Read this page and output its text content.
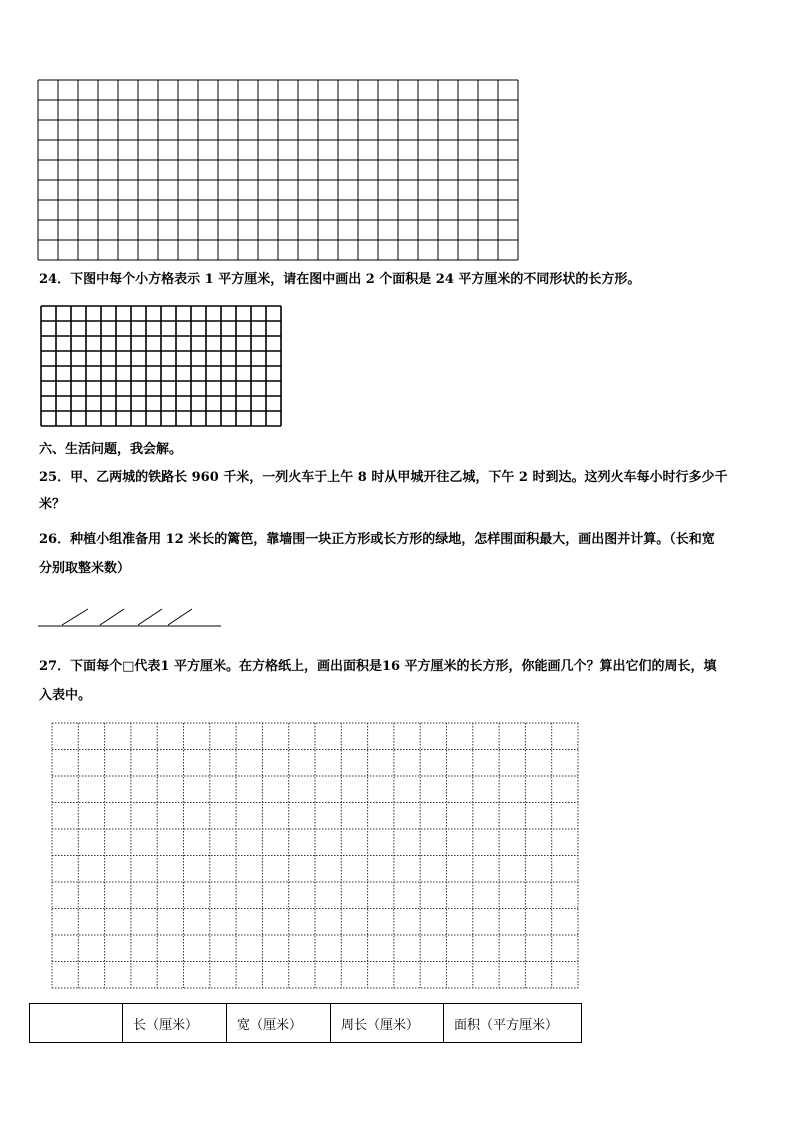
24．下图中每个小方格表示 1 平方厘米，请在图中画出 2 个面积是 24 平方厘米的不同形状的长方形。
六、生活问题，我会解。
25．甲、乙两城的铁路长 960 千米，一列火车于上午 8 时从甲城开往乙城，下午 2 时到达。这列火车每小时行多少千
米？
26．种植小组准备用 12 米长的篱笆，靠墙围一块正方形或长方形的绿地，怎样围面积最大，画出图并计算。（长和宽
分别取整米数）
27．下面每个□代表1 平方厘米。在方格纸上，画出面积是16 平方厘米的长方形，你能画几个？算出它们的周长，填
入表中。
	长（厘米）	宽（厘米）	周长（厘米）	面积（平方厘米）
